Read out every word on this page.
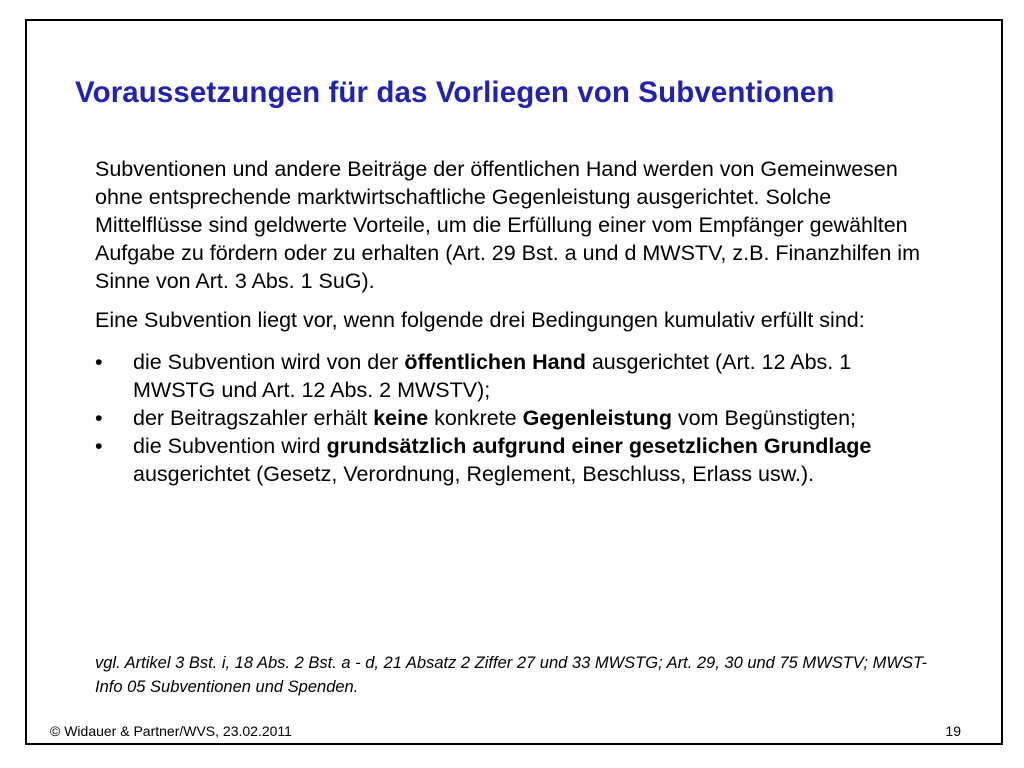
Voraussetzungen für das Vorliegen von Subventionen

Subventionen und andere Beiträge der öffentlichen Hand werden von Gemeinwesen ohne entsprechende marktwirtschaftliche Gegenleistung ausgerichtet. Solche Mittelflüsse sind geldwerte Vorteile, um die Erfüllung einer vom Empfänger gewählten Aufgabe zu fördern oder zu erhalten (Art. 29 Bst. a und d MWSTV, z.B. Finanzhilfen im Sinne von Art. 3 Abs. 1 SuG).

Eine Subvention liegt vor, wenn folgende drei Bedingungen kumulativ erfüllt sind:

• die Subvention wird von der öffentlichen Hand ausgerichtet (Art. 12 Abs. 1 MWSTG und Art. 12 Abs. 2 MWSTV);
• der Beitragszahler erhält keine konkrete Gegenleistung vom Begünstigten;
• die Subvention wird grundsätzlich aufgrund einer gesetzlichen Grundlage ausgerichtet (Gesetz, Verordnung, Reglement, Beschluss, Erlass usw.).
vgl. Artikel 3 Bst. i, 18 Abs. 2 Bst. a - d, 21 Absatz 2 Ziffer 27 und 33 MWSTG; Art. 29, 30 und 75 MWSTV; MWST-Info 05 Subventionen und Spenden.
© Widauer & Partner/WVS, 23.02.2011	19
